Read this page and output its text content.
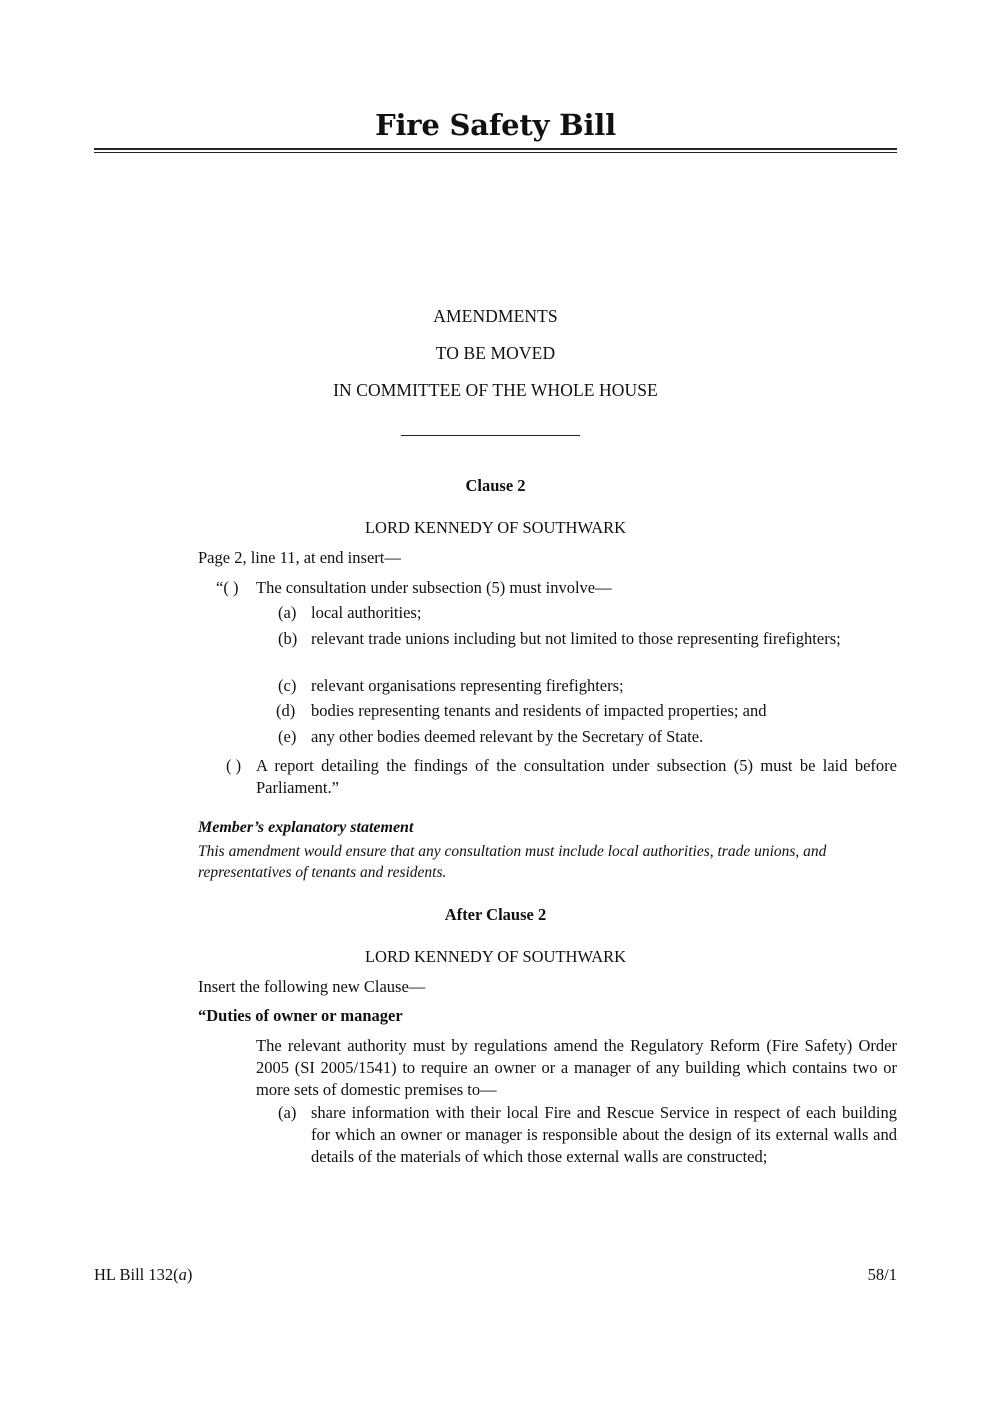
Fire Safety Bill
AMENDMENTS
TO BE MOVED
IN COMMITTEE OF THE WHOLE HOUSE
Clause 2
LORD KENNEDY OF SOUTHWARK
Page 2, line 11, at end insert—
“( ) The consultation under subsection (5) must involve—
(a) local authorities;
(b) relevant trade unions including but not limited to those representing firefighters;
(c) relevant organisations representing firefighters;
(d) bodies representing tenants and residents of impacted properties; and
(e) any other bodies deemed relevant by the Secretary of State.
( ) A report detailing the findings of the consultation under subsection (5) must be laid before Parliament.”
Member’s explanatory statement
This amendment would ensure that any consultation must include local authorities, trade unions, and representatives of tenants and residents.
After Clause 2
LORD KENNEDY OF SOUTHWARK
Insert the following new Clause—
“Duties of owner or manager
The relevant authority must by regulations amend the Regulatory Reform (Fire Safety) Order 2005 (SI 2005/1541) to require an owner or a manager of any building which contains two or more sets of domestic premises to—
(a) share information with their local Fire and Rescue Service in respect of each building for which an owner or manager is responsible about the design of its external walls and details of the materials of which those external walls are constructed;
HL Bill 132(a)	58/1
